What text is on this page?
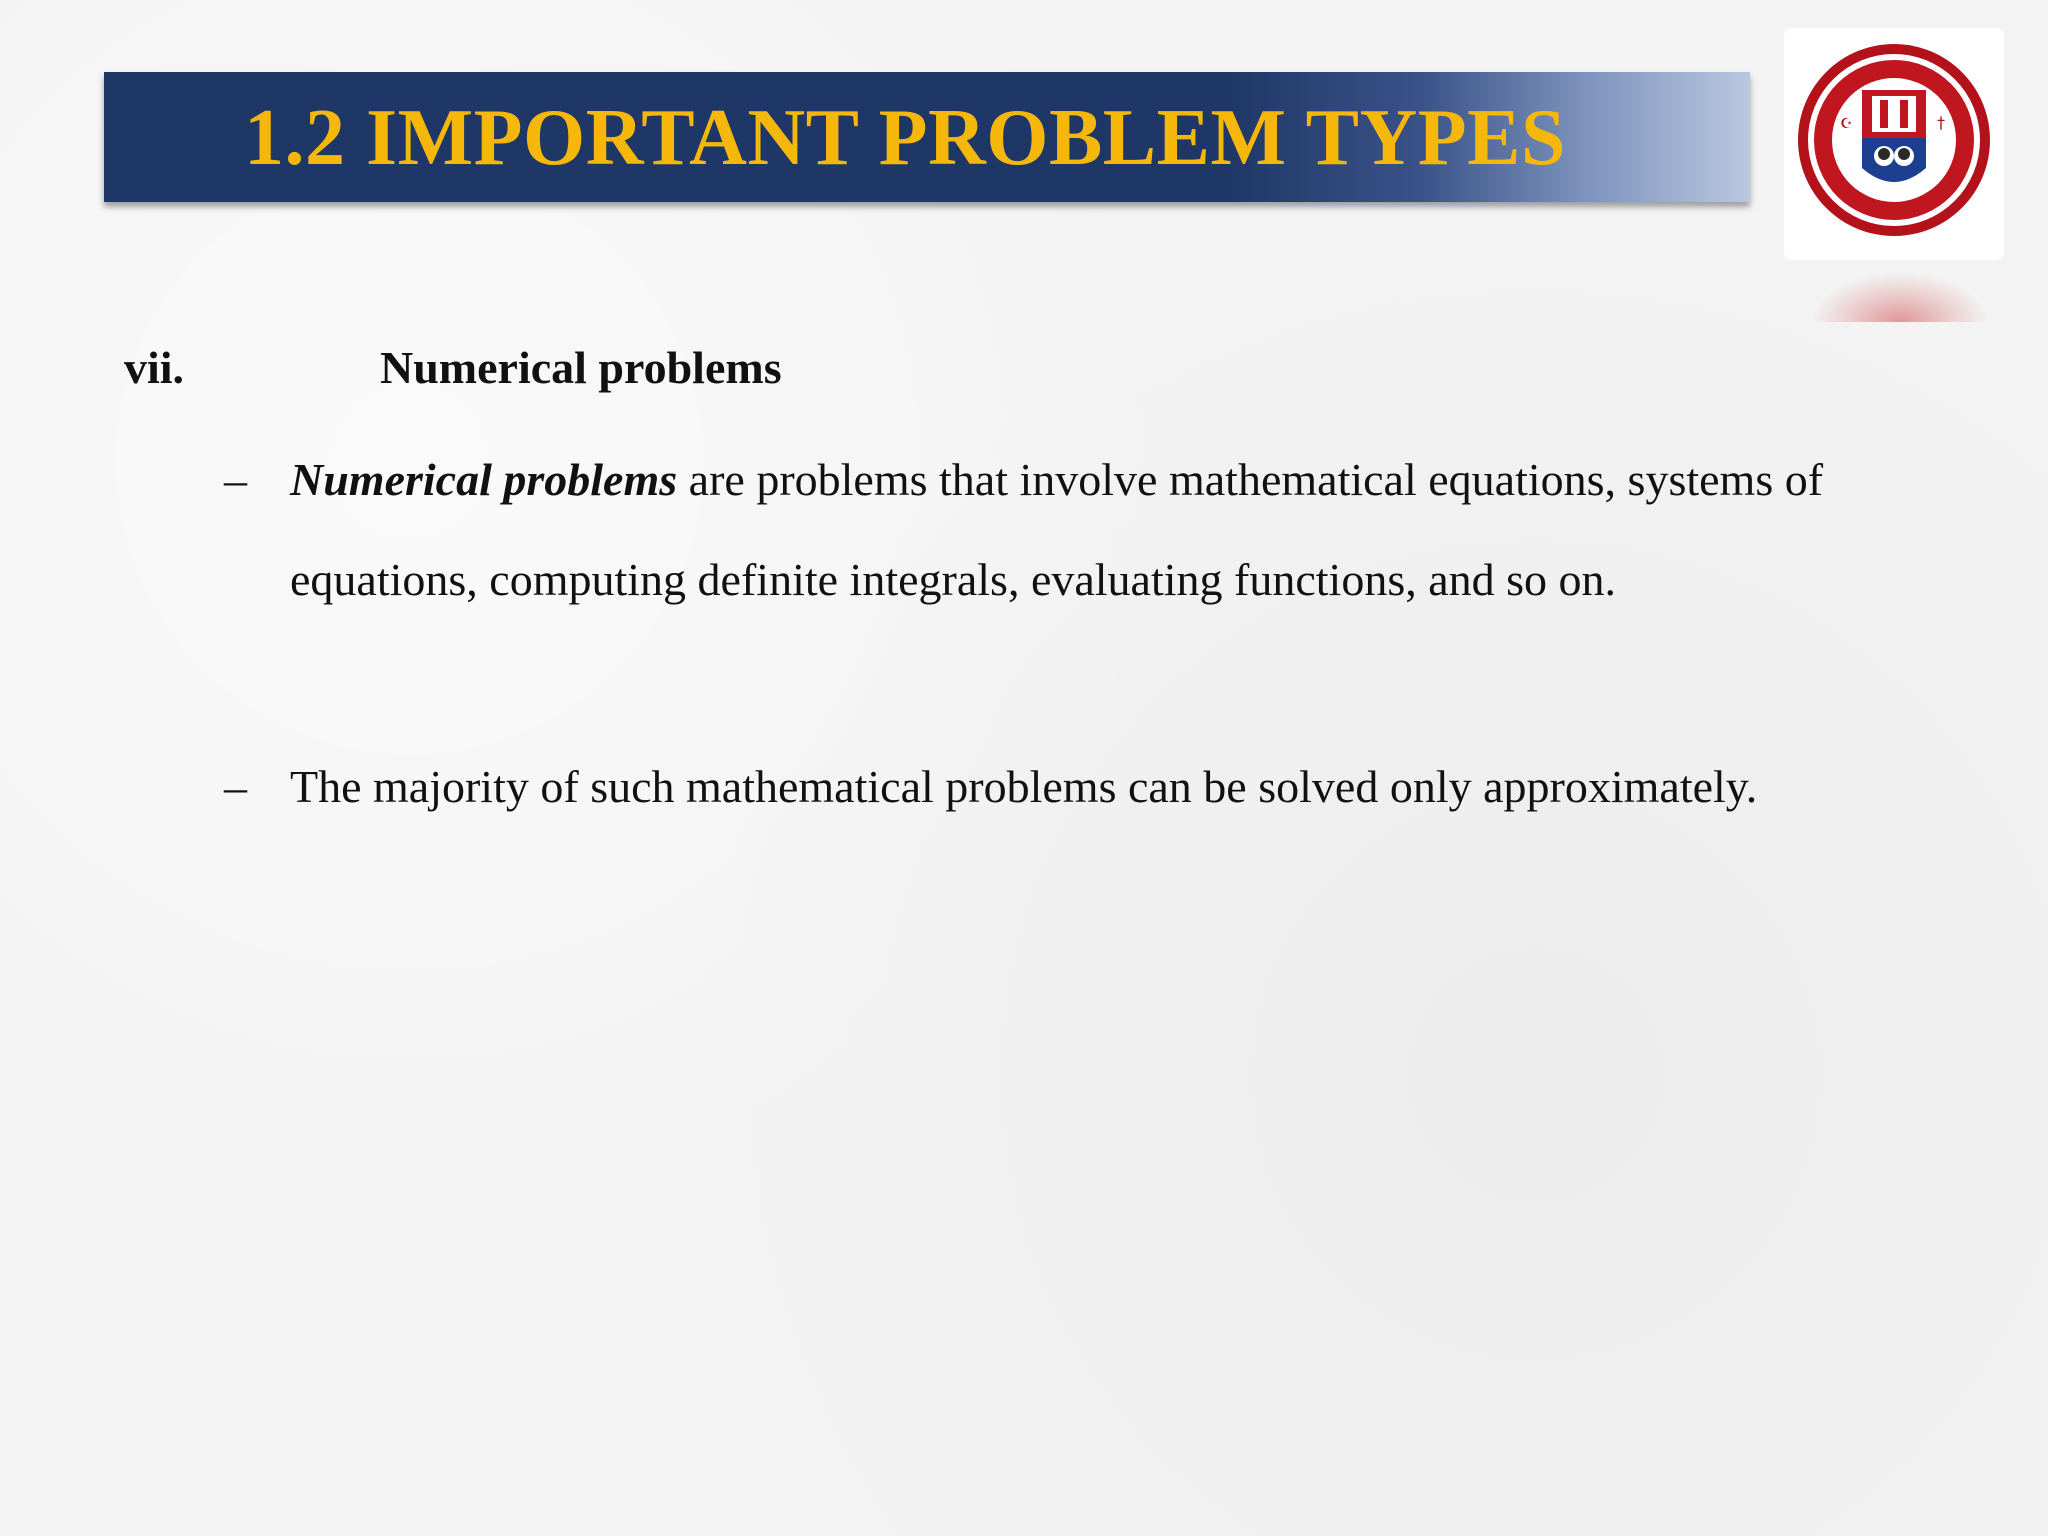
1.2 IMPORTANT PROBLEM TYPES	†
☪
vii.	Numerical problems
– Numerical problems are problems that involve mathematical equations, systems of equations, computing definite integrals, evaluating functions, and so on.
– The majority of such mathematical problems can be solved only approximately.
